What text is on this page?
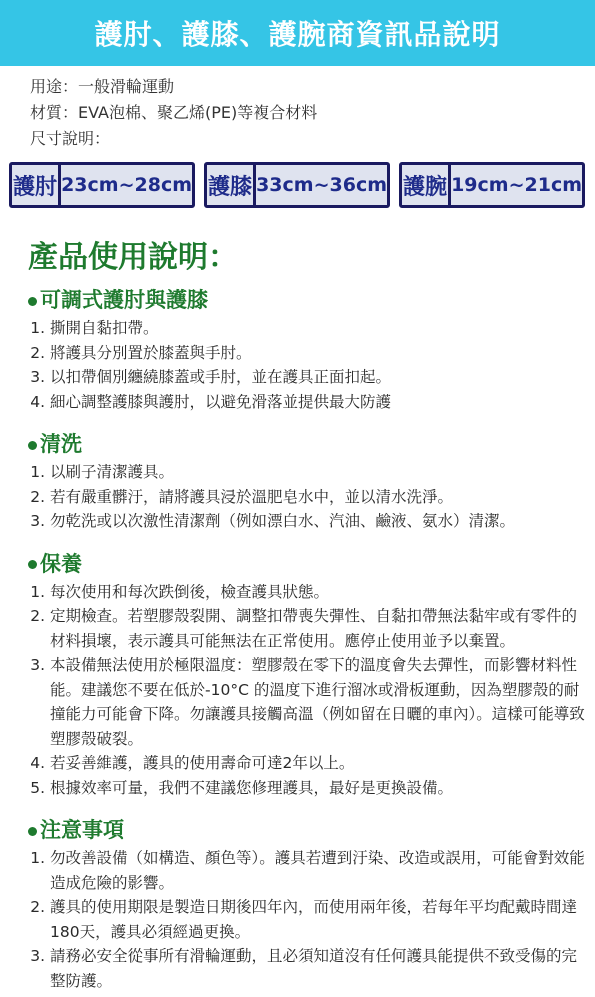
護肘、護膝、護腕商資訊品說明
用途：一般滑輪運動
材質：EVA泡棉、聚乙烯(PE)等複合材料
尺寸說明：
護肘 23cm~28cm 護膝 33cm~36cm 護腕 19cm~21cm
產品使用說明：
可調式護肘與護膝
1. 撕開自黏扣帶。
2. 將護具分別置於膝蓋與手肘。
3. 以扣帶個別纏繞膝蓋或手肘，並在護具正面扣起。
4. 細心調整護膝與護肘，以避免滑落並提供最大防護
清洗
1. 以刷子清潔護具。
2. 若有嚴重髒汙，請將護具浸於溫肥皂水中，並以清水洗淨。
3. 勿乾洗或以次激性清潔劑（例如漂白水、汽油、鹼液、氨水）清潔。
保養
1. 每次使用和每次跌倒後，檢查護具狀態。
2. 定期檢查。若塑膠殼裂開、調整扣帶喪失彈性、自黏扣帶無法黏牢或有零件的材料損壞，表示護具可能無法在正常使用。應停止使用並予以棄置。
3. 本設備無法使用於極限溫度：塑膠殼在零下的溫度會失去彈性，而影響材料性能。建議您不要在低於-10°C 的溫度下進行溜冰或滑板運動，因為塑膠殼的耐撞能力可能會下降。勿讓護具接觸高溫（例如留在日曬的車內）。這樣可能導致塑膠殼破裂。
4. 若妥善維護，護具的使用壽命可達2年以上。
5. 根據效率可量，我們不建議您修理護具，最好是更換設備。
注意事項
1. 勿改善設備（如構造、顏色等）。護具若遭到汙染、改造或誤用，可能會對效能造成危險的影響。
2. 護具的使用期限是製造日期後四年內，而使用兩年後，若每年平均配戴時間達180天，護具必須經過更換。
3. 請務必安全從事所有滑輪運動，且必須知道沒有任何護具能提供不致受傷的完整防護。
